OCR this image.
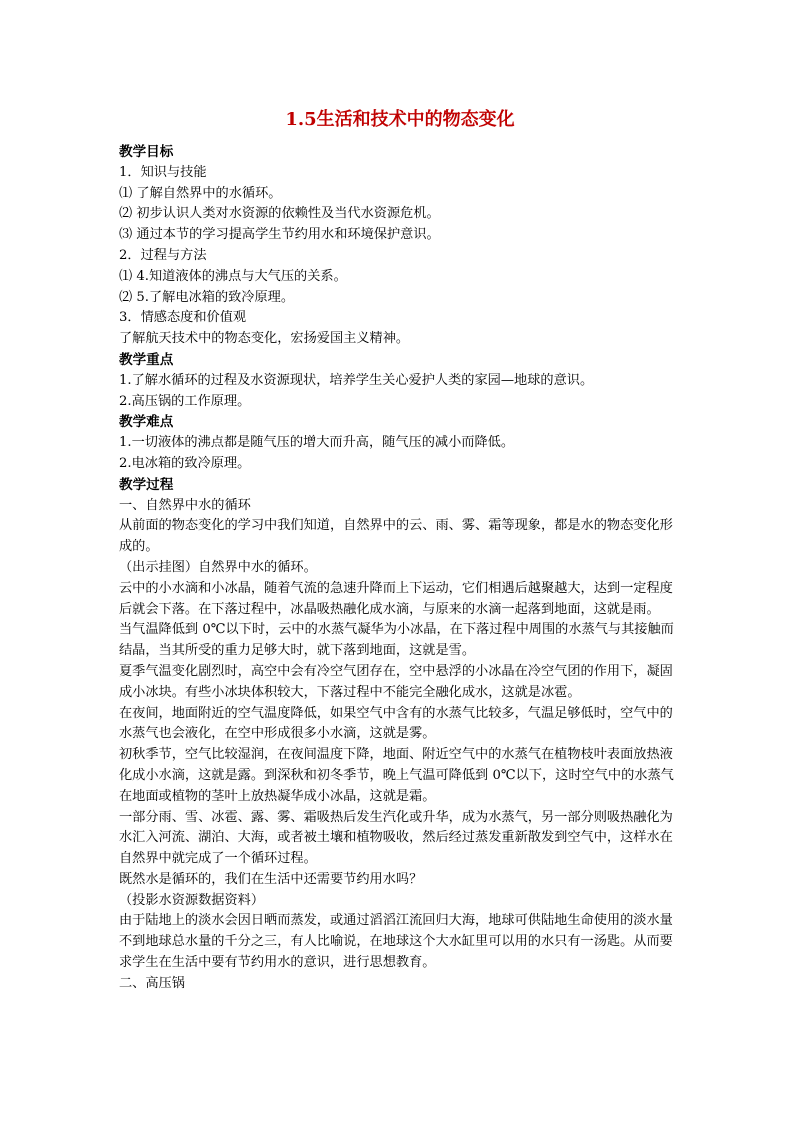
1.5生活和技术中的物态变化
教学目标
1．知识与技能
⑴ 了解自然界中的水循环。
⑵ 初步认识人类对水资源的依赖性及当代水资源危机。
⑶ 通过本节的学习提高学生节约用水和环境保护意识。
2．过程与方法
⑴ 4.知道液体的沸点与大气压的关系。
⑵ 5.了解电冰箱的致冷原理。
3．情感态度和价值观
了解航天技术中的物态变化，宏扬爱国主义精神。
教学重点
1.了解水循环的过程及水资源现状，培养学生关心爱护人类的家园—地球的意识。
2.高压锅的工作原理。
教学难点
1.一切液体的沸点都是随气压的增大而升高，随气压的减小而降低。
2.电冰箱的致冷原理。
教学过程
一、自然界中水的循环
从前面的物态变化的学习中我们知道，自然界中的云、雨、雾、霜等现象，都是水的物态变化形成的。
（出示挂图）自然界中水的循环。
云中的小水滴和小冰晶，随着气流的急速升降而上下运动，它们相遇后越聚越大，达到一定程度后就会下落。在下落过程中，冰晶吸热融化成水滴，与原来的水滴一起落到地面，这就是雨。
当气温降低到 0℃以下时，云中的水蒸气凝华为小冰晶，在下落过程中周围的水蒸气与其接触而结晶，当其所受的重力足够大时，就下落到地面，这就是雪。
夏季气温变化剧烈时，高空中会有冷空气团存在，空中悬浮的小冰晶在冷空气团的作用下，凝固成小冰块。有些小冰块体积较大，下落过程中不能完全融化成水，这就是冰雹。
在夜间，地面附近的空气温度降低，如果空气中含有的水蒸气比较多，气温足够低时，空气中的水蒸气也会液化，在空中形成很多小水滴，这就是雾。
初秋季节，空气比较湿润，在夜间温度下降，地面、附近空气中的水蒸气在植物枝叶表面放热液化成小水滴，这就是露。到深秋和初冬季节，晚上气温可降低到 0℃以下，这时空气中的水蒸气在地面或植物的茎叶上放热凝华成小冰晶，这就是霜。
一部分雨、雪、冰雹、露、雾、霜吸热后发生汽化或升华，成为水蒸气，另一部分则吸热融化为水汇入河流、湖泊、大海，或者被土壤和植物吸收，然后经过蒸发重新散发到空气中，这样水在自然界中就完成了一个循环过程。
既然水是循环的，我们在生活中还需要节约用水吗？
（投影水资源数据资料）
由于陆地上的淡水会因日晒而蒸发，或通过滔滔江流回归大海，地球可供陆地生命使用的淡水量不到地球总水量的千分之三，有人比喻说，在地球这个大水缸里可以用的水只有一汤匙。从而要求学生在生活中要有节约用水的意识，进行思想教育。
二、高压锅
